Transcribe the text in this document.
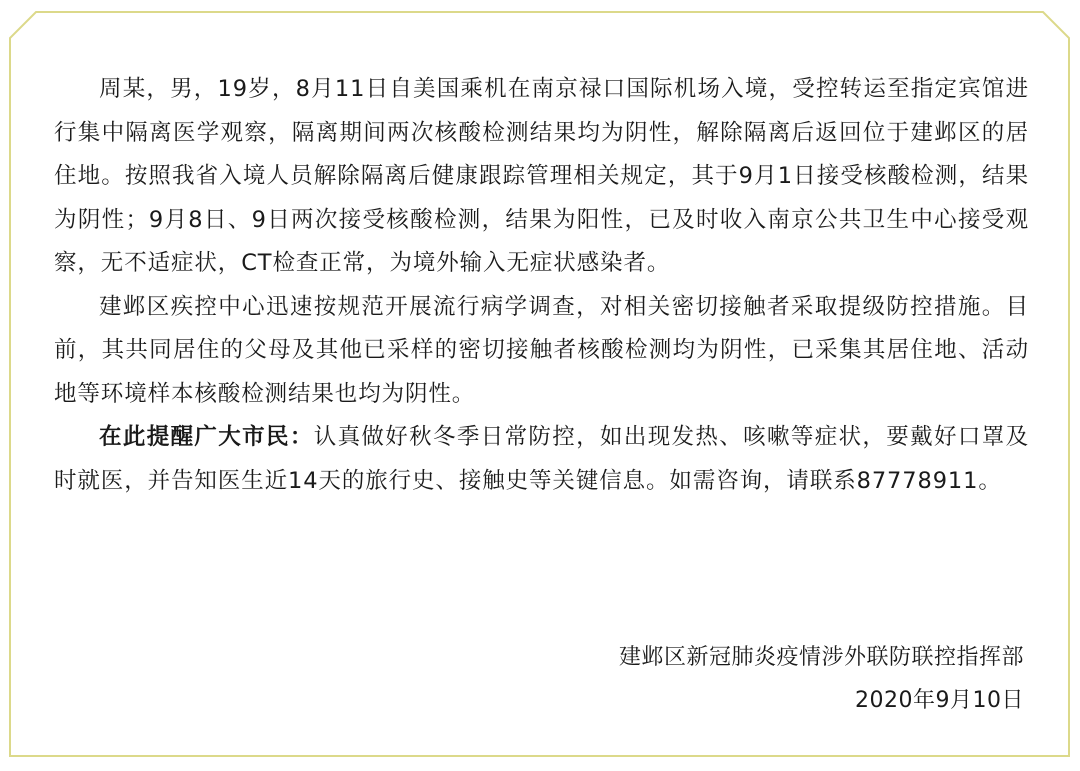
周某，男，19岁，8月11日自美国乘机在南京禄口国际机场入境，受控转运至指定宾馆进行集中隔离医学观察，隔离期间两次核酸检测结果均为阴性，解除隔离后返回位于建邺区的居住地。按照我省入境人员解除隔离后健康跟踪管理相关规定，其于9月1日接受核酸检测，结果为阴性；9月8日、9日两次接受核酸检测，结果为阳性，已及时收入南京公共卫生中心接受观察，无不适症状，CT检查正常，为境外输入无症状感染者。

建邺区疾控中心迅速按规范开展流行病学调查，对相关密切接触者采取提级防控措施。目前，其共同居住的父母及其他已采样的密切接触者核酸检测均为阴性，已采集其居住地、活动地等环境样本核酸检测结果也均为阴性。

在此提醒广大市民：认真做好秋冬季日常防控，如出现发热、咳嗽等症状，要戴好口罩及时就医，并告知医生近14天的旅行史、接触史等关键信息。如需咨询，请联系87778911。

建邺区新冠肺炎疫情涉外联防联控指挥部
2020年9月10日
